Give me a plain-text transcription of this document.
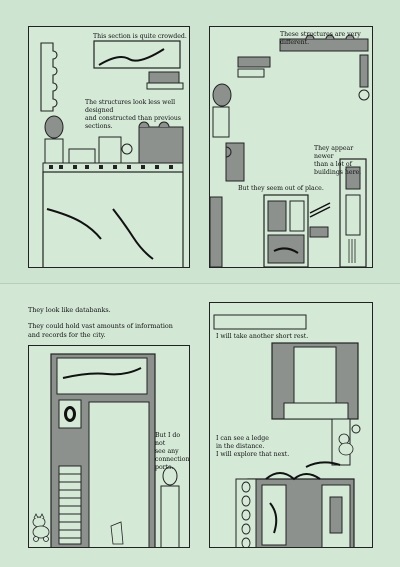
This section is quite crowded.
The structures look less well designed
and constructed than previous sections.
These structures are very different.
They appear newer
than a lot of buildings here.
But they seem out of place.
They look like databanks.
They could hold vast amounts of information
and records for the city.
But I do not
see any
connection
ports.
I will take another short rest.
I can see a ledge
in the distance.
I will explore that next.
